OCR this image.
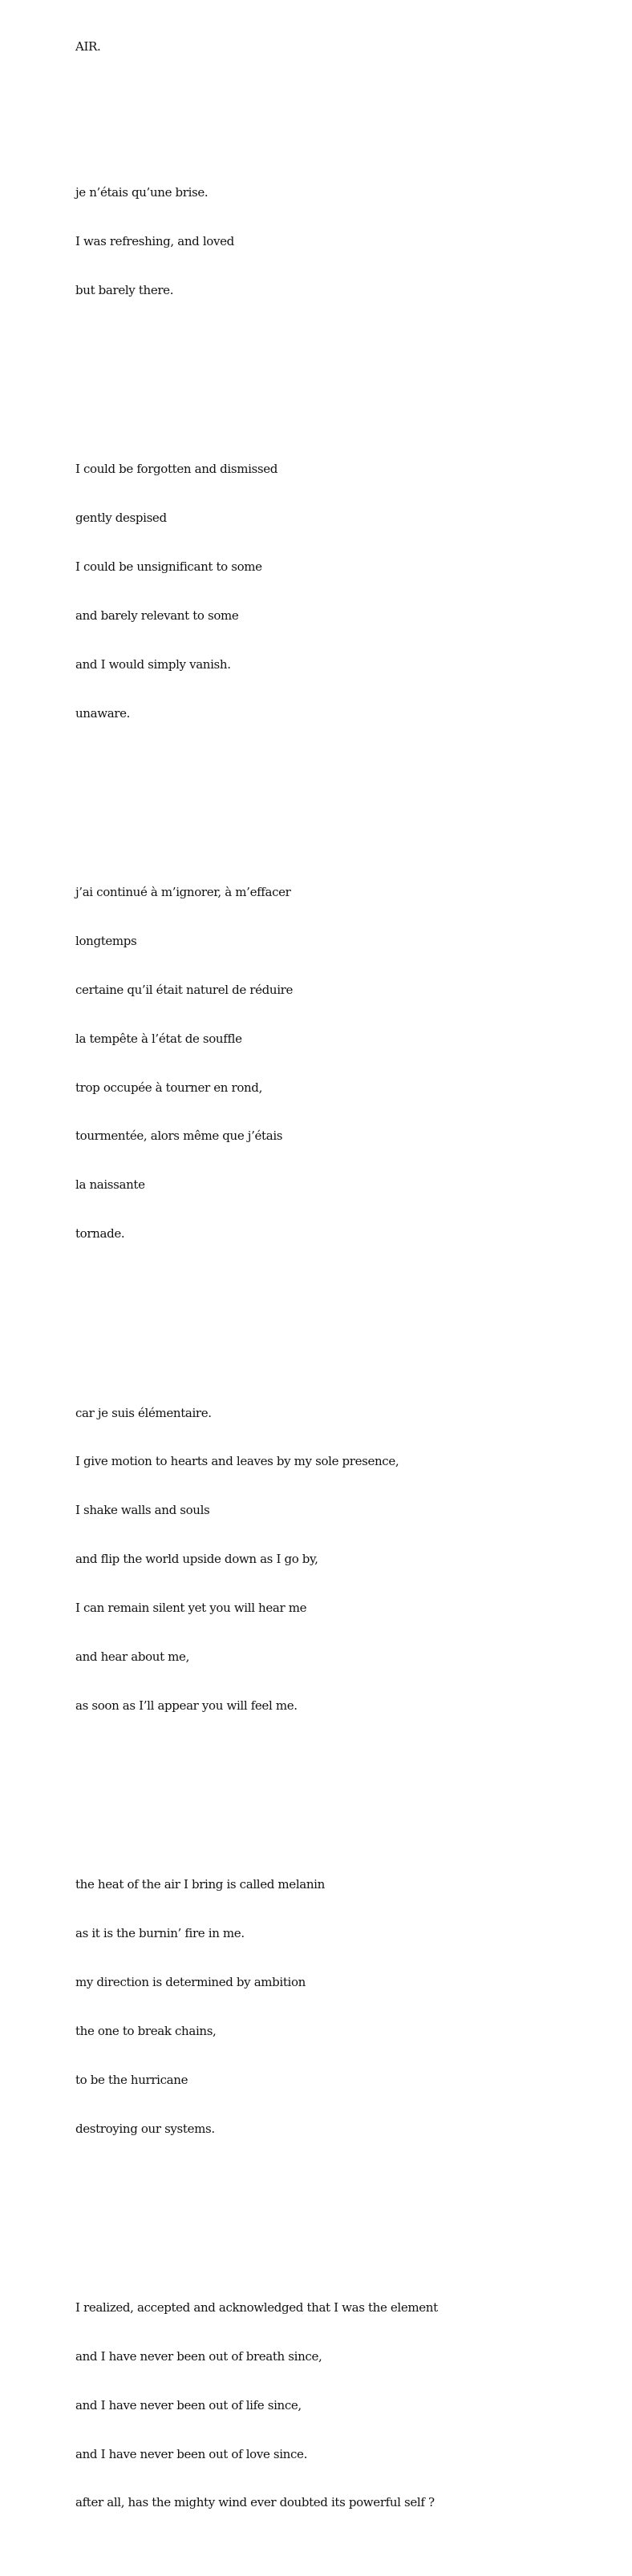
AIR.

je n’étais qu’une brise.

I was refreshing, and loved

but barely there.

I could be forgotten and dismissed

gently despised

I could be unsignificant to some

and barely relevant to some

and I would simply vanish.

unaware.

j’ai continué à m’ignorer, à m’effacer

longtemps

certaine qu’il était naturel de réduire

la tempête à l’état de souffle

trop occupée à tourner en rond,

tourmentée, alors même que j’étais

la naissante

tornade.

car je suis élémentaire.

I give motion to hearts and leaves by my sole presence,

I shake walls and souls

and flip the world upside down as I go by,

I can remain silent yet you will hear me

and hear about me,

as soon as I’ll appear you will feel me.

the heat of the air I bring is called melanin

as it is the burnin’ fire in me.

my direction is determined by ambition

the one to break chains,

to be the hurricane

destroying our systems.

I realized, accepted and acknowledged that I was the element

and I have never been out of breath since,

and I have never been out of life since,

and I have never been out of love since.

after all, has the mighty wind ever doubted its powerful self ?
